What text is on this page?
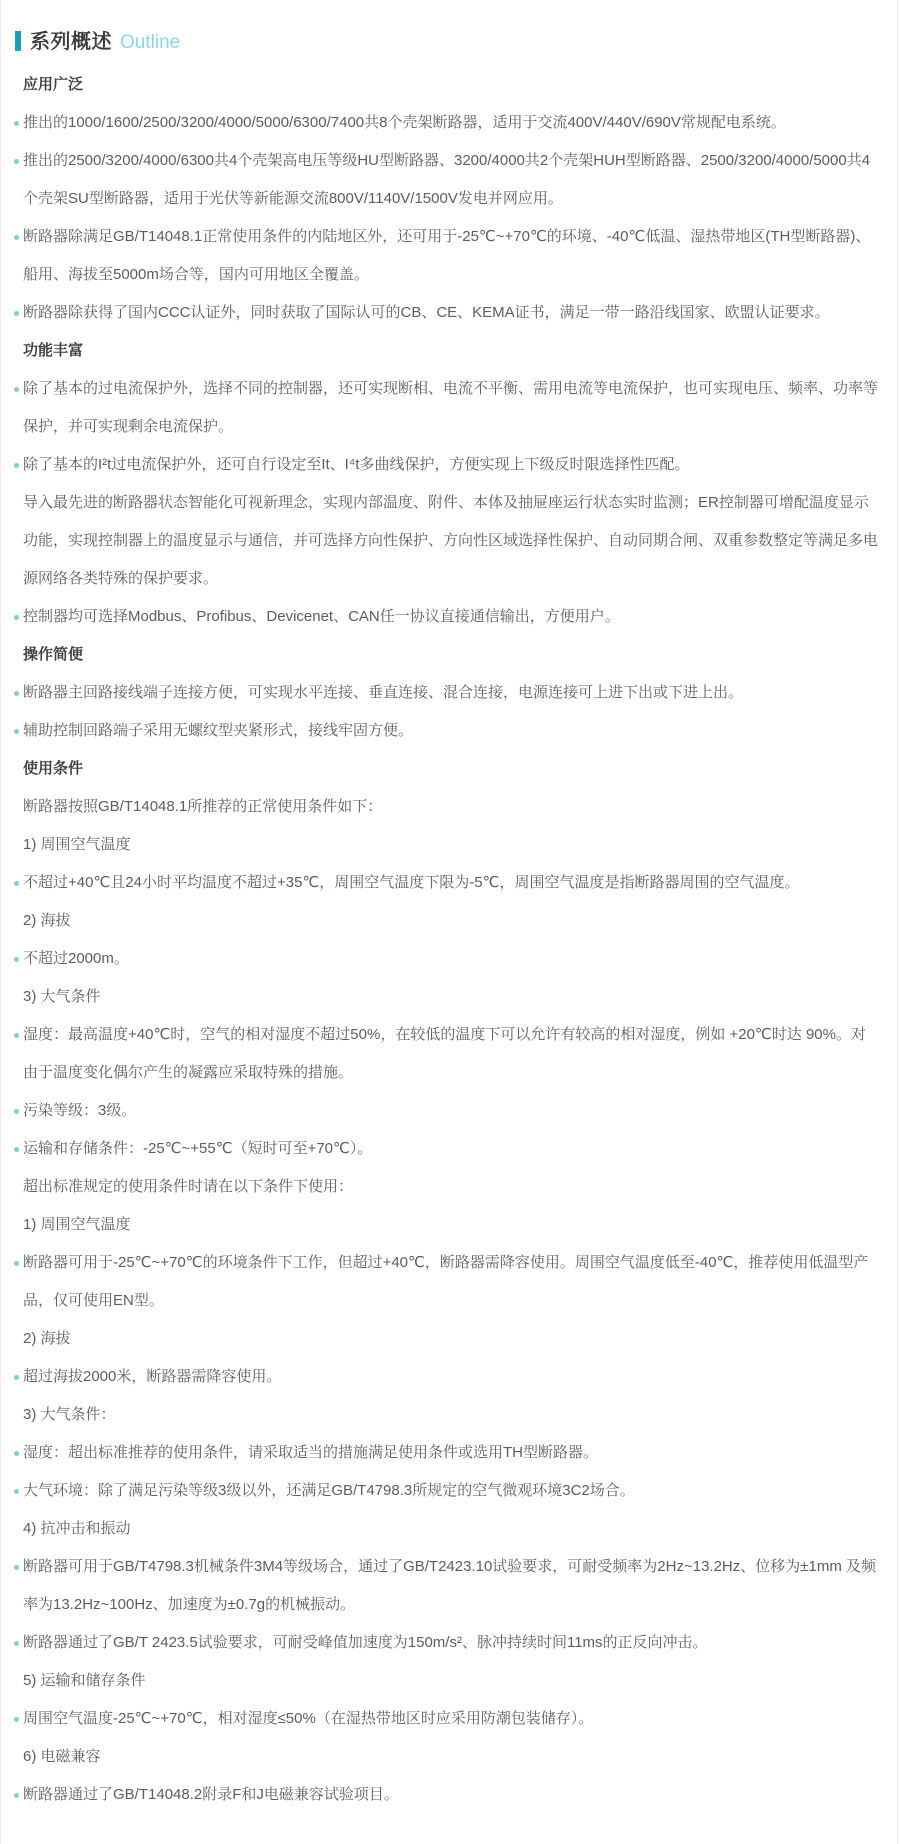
系列概述 Outline
应用广泛
推出的1000/1600/2500/3200/4000/5000/6300/7400共8个壳架断路器，适用于交流400V/440V/690V常规配电系统。
推出的2500/3200/4000/6300共4个壳架高电压等级HU型断路器、3200/4000共2个壳架HUH型断路器、2500/3200/4000/5000共4个壳架SU型断路器，适用于光伏等新能源交流800V/1140V/1500V发电并网应用。
断路器除满足GB/T14048.1正常使用条件的内陆地区外，还可用于-25℃~+70℃的环境、-40℃低温、湿热带地区(TH型断路器)、船用、海拔至5000m场合等，国内可用地区全覆盖。
断路器除获得了国内CCC认证外，同时获取了国际认可的CB、CE、KEMA证书，满足一带一路沿线国家、欧盟认证要求。
功能丰富
除了基本的过电流保护外，选择不同的控制器，还可实现断相、电流不平衡、需用电流等电流保护，也可实现电压、频率、功率等保护，并可实现剩余电流保护。
除了基本的I²t过电流保护外，还可自行设定至It、I⁴t多曲线保护，方便实现上下级反时限选择性匹配。
导入最先进的断路器状态智能化可视新理念，实现内部温度、附件、本体及抽屉座运行状态实时监测；ER控制器可增配温度显示功能，实现控制器上的温度显示与通信，并可选择方向性保护、方向性区域选择性保护、自动同期合闸、双重参数整定等满足多电源网络各类特殊的保护要求。
控制器均可选择Modbus、Profibus、Devicenet、CAN任一协议直接通信输出，方便用户。
操作简便
断路器主回路接线端子连接方便，可实现水平连接、垂直连接、混合连接，电源连接可上进下出或下进上出。
辅助控制回路端子采用无螺纹型夹紧形式，接线牢固方便。
使用条件
断路器按照GB/T14048.1所推荐的正常使用条件如下：
1) 周围空气温度
不超过+40℃且24小时平均温度不超过+35℃，周围空气温度下限为-5℃，周围空气温度是指断路器周围的空气温度。
2) 海拔
不超过2000m。
3) 大气条件
湿度：最高温度+40℃时，空气的相对湿度不超过50%，在较低的温度下可以允许有较高的相对湿度，例如 +20℃时达 90%。对由于温度变化偶尔产生的凝露应采取特殊的措施。
污染等级：3级。
运输和存储条件：-25℃~+55℃（短时可至+70℃）。
超出标准规定的使用条件时请在以下条件下使用：
1) 周围空气温度
断路器可用于-25℃~+70℃的环境条件下工作，但超过+40℃，断路器需降容使用。周围空气温度低至-40℃，推荐使用低温型产品，仅可使用EN型。
2) 海拔
超过海拔2000米，断路器需降容使用。
3) 大气条件：
湿度：超出标准推荐的使用条件，请采取适当的措施满足使用条件或选用TH型断路器。
大气环境：除了满足污染等级3级以外，还满足GB/T4798.3所规定的空气微观环境3C2场合。
4) 抗冲击和振动
断路器可用于GB/T4798.3机械条件3M4等级场合，通过了GB/T2423.10试验要求，可耐受频率为2Hz~13.2Hz、位移为±1mm 及频率为13.2Hz~100Hz、加速度为±0.7g的机械振动。
断路器通过了GB/T 2423.5试验要求，可耐受峰值加速度为150m/s²、脉冲持续时间11ms的正反向冲击。
5) 运输和储存条件
周围空气温度-25℃~+70℃，相对湿度≤50%（在湿热带地区时应采用防潮包装储存）。
6) 电磁兼容
断路器通过了GB/T14048.2附录F和J电磁兼容试验项目。
